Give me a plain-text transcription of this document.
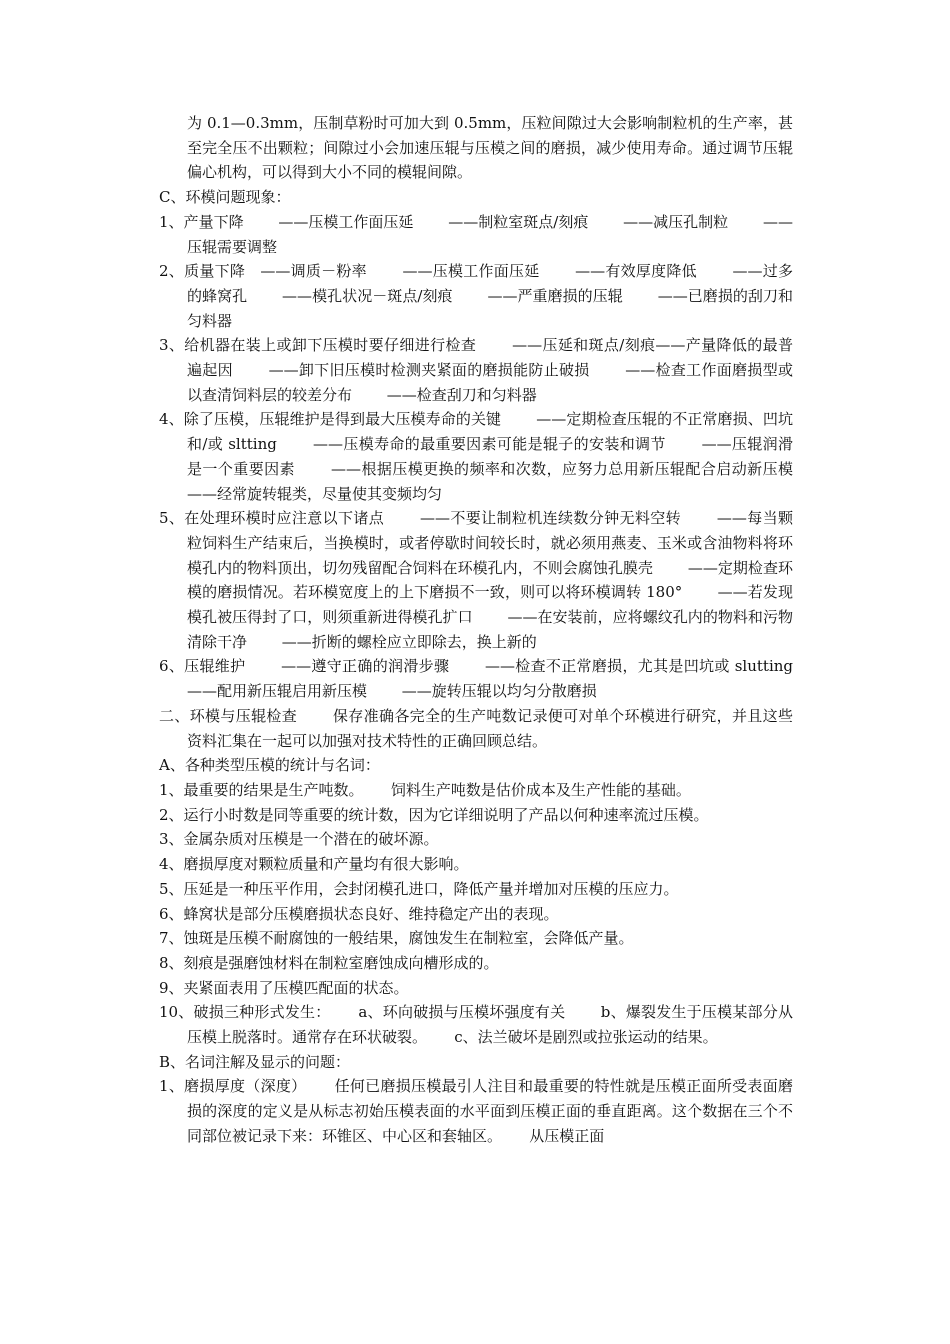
为 0.1—0.3mm，压制草粉时可加大到 0.5mm，压粒间隙过大会影响制粒机的生产率，甚至完全压不出颗粒；间隙过小会加速压辊与压模之间的磨损，减少使用寿命。通过调节压辊偏心机构，可以得到大小不同的模辊间隙。

C、环模问题现象：

1、产量下降　　 ——压模工作面压延　　 ——制粒室斑点/刻痕　　 ——减压孔制粒　　 ——压辊需要调整

2、质量下降　——调质－粉率　　 ——压模工作面压延　　 ——有效厚度降低　　 ——过多的蜂窝孔　　 ——模孔状况－斑点/刻痕　　 ——严重磨损的压辊　　 ——已磨损的刮刀和匀料器

3、给机器在装上或卸下压模时要仔细进行检查　　 ——压延和斑点/刻痕——产量降低的最普遍起因　　 ——卸下旧压模时检测夹紧面的磨损能防止破损　　 ——检查工作面磨损型或以查清饲料层的较差分布　　 ——检查刮刀和匀料器

4、除了压模，压辊维护是得到最大压模寿命的关键　　 ——定期检查压辊的不正常磨损、凹坑和/或 sltting　　 ——压模寿命的最重要因素可能是辊子的安装和调节　　 ——压辊润滑是一个重要因素　　 ——根据压模更换的频率和次数，应努力总用新压辊配合启动新压模　　 ——经常旋转辊类，尽量使其变频均匀

5、在处理环模时应注意以下诸点　　 ——不要让制粒机连续数分钟无料空转　　 ——每当颗粒饲料生产结束后，当换模时，或者停歇时间较长时，就必须用燕麦、玉米或含油物料将环模孔内的物料顶出，切勿残留配合饲料在环模孔内，不则会腐蚀孔膜壳　　 ——定期检查环模的磨损情况。若环模宽度上的上下磨损不一致，则可以将环模调转 180°　　 ——若发现模孔被压得封了口，则须重新进得模孔扩口　　 ——在安装前，应将螺纹孔内的物料和污物清除干净　　 ——折断的螺栓应立即除去，换上新的

6、压辊维护　　 ——遵守正确的润滑步骤　　 ——检查不正常磨损，尤其是凹坑或 slutting　　 ——配用新压辊启用新压模　　 ——旋转压辊以均匀分散磨损

二、环模与压辊检查　　 保存准确各完全的生产吨数记录便可对单个环模进行研究，并且这些资料汇集在一起可以加强对技术特性的正确回顾总结。

A、各种类型压模的统计与名词：

1、最重要的结果是生产吨数。　　 饲料生产吨数是估价成本及生产性能的基础。

2、运行小时数是同等重要的统计数，因为它详细说明了产品以何种速率流过压模。

3、金属杂质对压模是一个潜在的破坏源。

4、磨损厚度对颗粒质量和产量均有很大影响。

5、压延是一种压平作用，会封闭模孔进口，降低产量并增加对压模的压应力。

6、蜂窝状是部分压模磨损状态良好、维持稳定产出的表现。

7、蚀斑是压模不耐腐蚀的一般结果，腐蚀发生在制粒室，会降低产量。

8、刻痕是强磨蚀材料在制粒室磨蚀成向槽形成的。

9、夹紧面表用了压模匹配面的状态。

10、破损三种形式发生：　　 a、环向破损与压模坏强度有关　　 b、爆裂发生于压模某部分从压模上脱落时。通常存在环状破裂。　　 c、法兰破坏是剧烈或拉张运动的结果。

B、名词注解及显示的问题：

1、磨损厚度（深度）　　 任何已磨损压模最引人注目和最重要的特性就是压模正面所受表面磨损的深度的定义是从标志初始压模表面的水平面到压模正面的垂直距离。这个数据在三个不同部位被记录下来：环锥区、中心区和套轴区。　　 从压模正面
